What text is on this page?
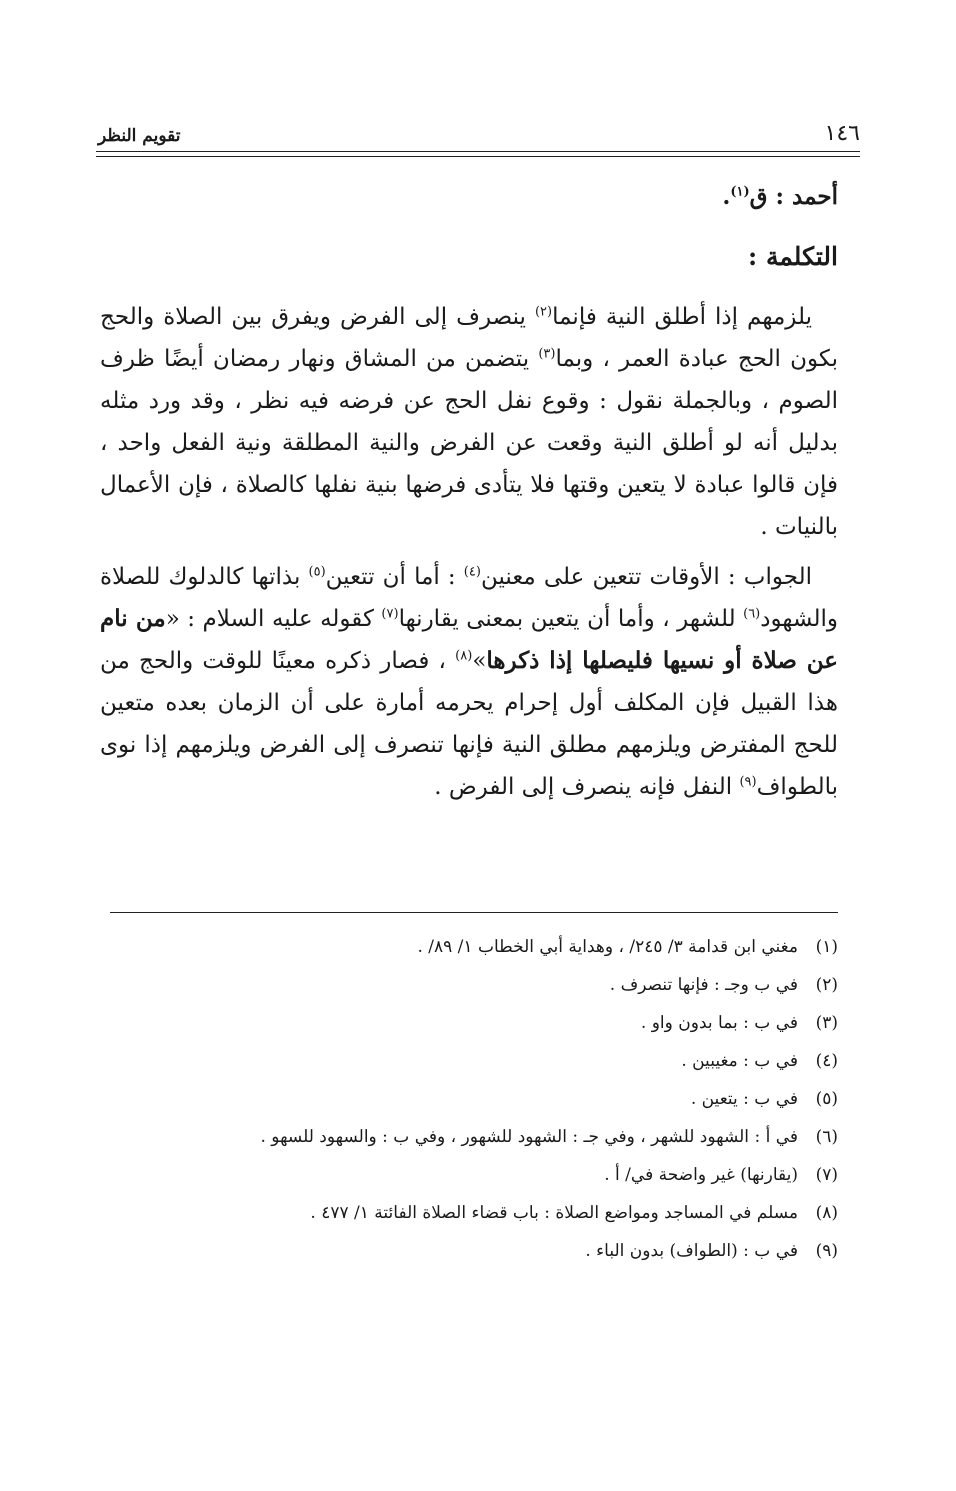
١٤٦
تقويم النظر

أحمد : ق$^{(١)}$.

التكلمة :

يلزمهم إذا أطلق النية فإنما$^{(٢)}$ ينصرف إلى الفرض ويفرق بين الصلاة والحج بكون الحج عبادة العمر ، وبما$^{(٣)}$ يتضمن من المشاق ونهار رمضان أيضًا ظرف الصوم ، وبالجملة نقول : وقوع نفل الحج عن فرضه فيه نظر ، وقد ورد مثله بدليل أنه لو أطلق النية وقعت عن الفرض والنية المطلقة ونية الفعل واحد ، فإن قالوا عبادة لا يتعين وقتها فلا يتأدى فرضها بنية نفلها كالصلاة ، فإن الأعمال بالنيات .

الجواب : الأوقات تتعين على معنين$^{(٤)}$ : أما أن تتعين$^{(٥)}$ بذاتها كالدلوك للصلاة والشهود$^{(٦)}$ للشهر ، وأما أن يتعين بمعنى يقارنها$^{(٧)}$ كقوله عليه السلام : «من نام عن صلاة أو نسيها فليصلها إذا ذكرها»$^{(٨)}$ ، فصار ذكره معينًا للوقت والحج من هذا القبيل فإن المكلف أول إحرام يحرمه أمارة على أن الزمان بعده متعين للحج المفترض ويلزمهم مطلق النية فإنها تنصرف إلى الفرض ويلزمهم إذا نوى بالطواف$^{(٩)}$ النفل فإنه ينصرف إلى الفرض .

(١)
مغني ابن قدامة ٣/ ٢٤٥/ ، وهداية أبي الخطاب ١/ ٨٩/ .
(٢)
في ب وجـ : فإنها تنصرف .
(٣)
في ب : بما بدون واو .
(٤)
في ب : مغيبين .
(٥)
في ب : يتعين .
(٦)
في أ : الشهود للشهر ، وفي جـ : الشهود للشهور ، وفي ب : والسهود للسهو .
(٧)
(يقارنها) غير واضحة في/ أ .
(٨)
مسلم في المساجد ومواضع الصلاة : باب قضاء الصلاة الفائتة ١/ ٤٧٧ .
(٩)
في ب : (الطواف) بدون الباء .
